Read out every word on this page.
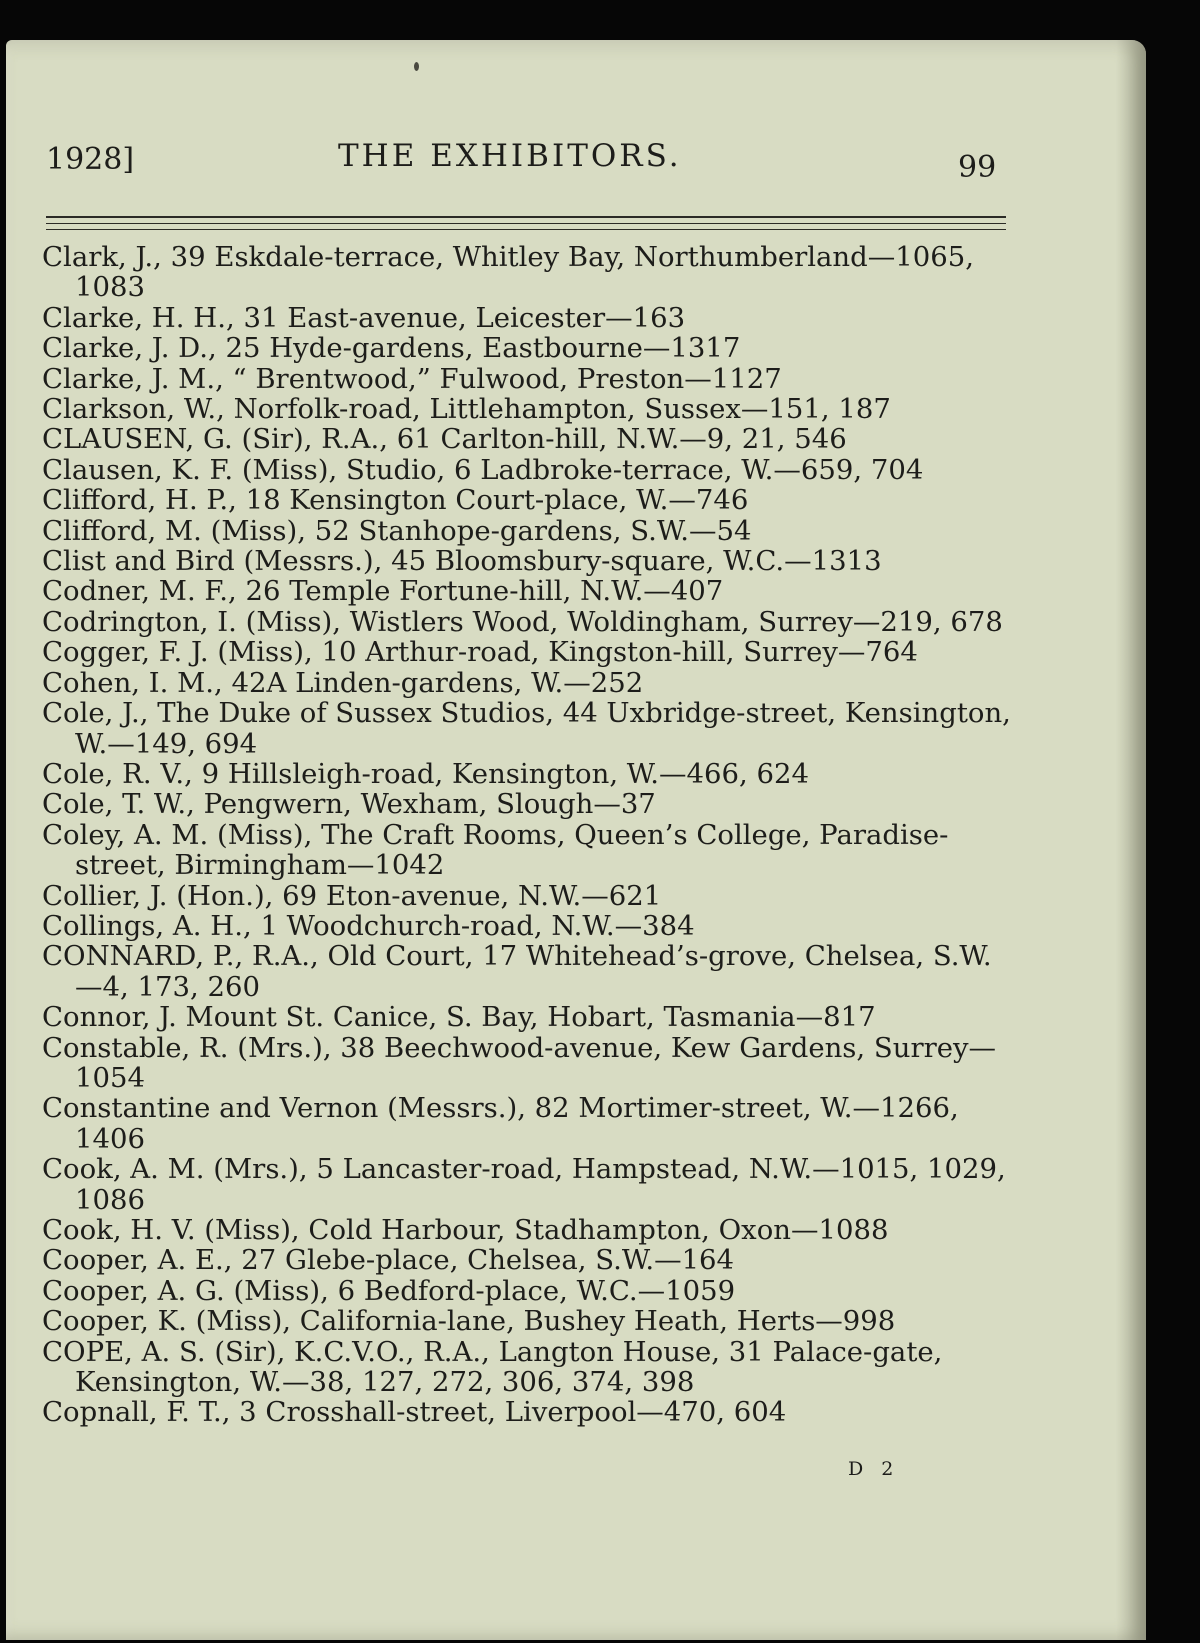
1928]	THE EXHIBITORS.	99

Clark, J., 39 Eskdale-terrace, Whitley Bay, Northumberland—1065, 1083

Clarke, H. H., 31 East-avenue, Leicester—163

Clarke, J. D., 25 Hyde-gardens, Eastbourne—1317

Clarke, J. M., “ Brentwood,” Fulwood, Preston—1127

Clarkson, W., Norfolk-road, Littlehampton, Sussex—151, 187

CLAUSEN, G. (Sir), R.A., 61 Carlton-hill, N.W.—9, 21, 546

Clausen, K. F. (Miss), Studio, 6 Ladbroke-terrace, W.—659, 704

Clifford, H. P., 18 Kensington Court-place, W.—746

Clifford, M. (Miss), 52 Stanhope-gardens, S.W.—54

Clist and Bird (Messrs.), 45 Bloomsbury-square, W.C.—1313

Codner, M. F., 26 Temple Fortune-hill, N.W.—407

Codrington, I. (Miss), Wistlers Wood, Woldingham, Surrey—219, 678

Cogger, F. J. (Miss), 10 Arthur-road, Kingston-hill, Surrey—764

Cohen, I. M., 42A Linden-gardens, W.—252

Cole, J., The Duke of Sussex Studios, 44 Uxbridge-street, Kensington, W.—149, 694

Cole, R. V., 9 Hillsleigh-road, Kensington, W.—466, 624

Cole, T. W., Pengwern, Wexham, Slough—37

Coley, A. M. (Miss), The Craft Rooms, Queen’s College, Paradise-street, Birmingham—1042

Collier, J. (Hon.), 69 Eton-avenue, N.W.—621

Collings, A. H., 1 Woodchurch-road, N.W.—384

CONNARD, P., R.A., Old Court, 17 Whitehead’s-grove, Chelsea, S.W.—4, 173, 260

Connor, J. Mount St. Canice, S. Bay, Hobart, Tasmania—817

Constable, R. (Mrs.), 38 Beechwood-avenue, Kew Gardens, Surrey—1054

Constantine and Vernon (Messrs.), 82 Mortimer-street, W.—1266, 1406

Cook, A. M. (Mrs.), 5 Lancaster-road, Hampstead, N.W.—1015, 1029, 1086

Cook, H. V. (Miss), Cold Harbour, Stadhampton, Oxon—1088

Cooper, A. E., 27 Glebe-place, Chelsea, S.W.—164

Cooper, A. G. (Miss), 6 Bedford-place, W.C.—1059

Cooper, K. (Miss), California-lane, Bushey Heath, Herts—998

COPE, A. S. (Sir), K.C.V.O., R.A., Langton House, 31 Palace-gate, Kensington, W.—38, 127, 272, 306, 374, 398

Copnall, F. T., 3 Crosshall-street, Liverpool—470, 604

D 2
